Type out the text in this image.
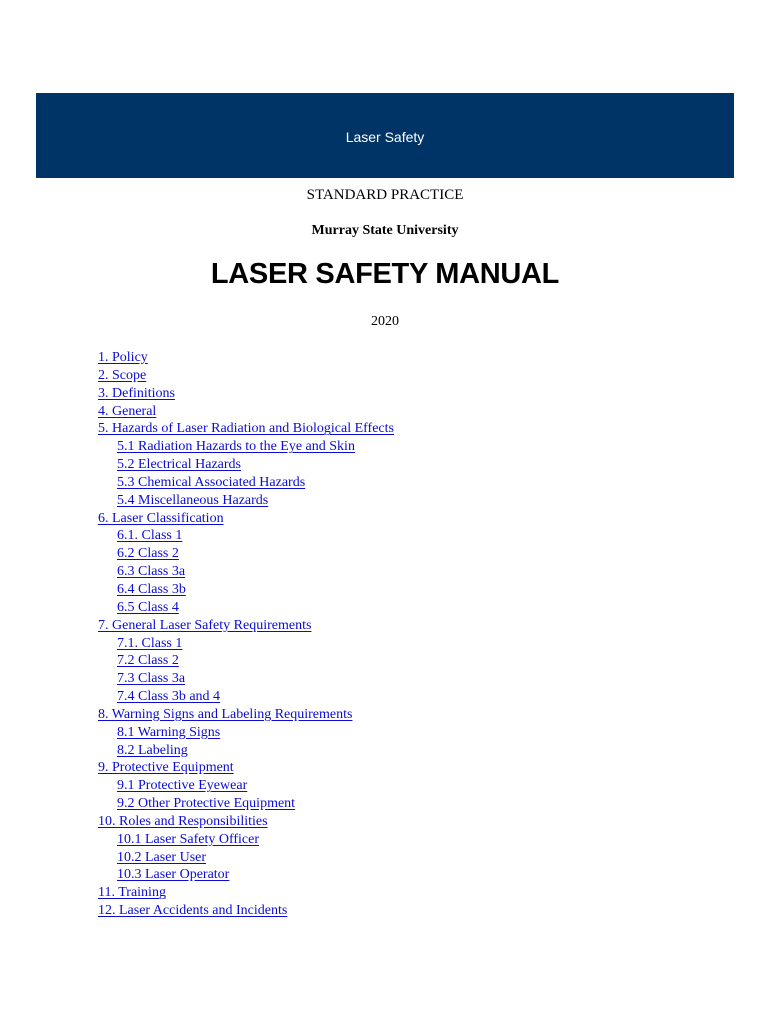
Laser Safety
STANDARD PRACTICE
Murray State University
LASER SAFETY MANUAL
2020
1. Policy
2. Scope
3. Definitions
4. General
5. Hazards of Laser Radiation and Biological Effects
5.1 Radiation Hazards to the Eye and Skin
5.2 Electrical Hazards
5.3 Chemical Associated Hazards
5.4 Miscellaneous Hazards
6. Laser Classification
6.1. Class 1
6.2 Class 2
6.3 Class 3a
6.4 Class 3b
6.5 Class 4
7. General Laser Safety Requirements
7.1. Class 1
7.2 Class 2
7.3 Class 3a
7.4 Class 3b and 4
8. Warning Signs and Labeling Requirements
8.1 Warning Signs
8.2 Labeling
9. Protective Equipment
9.1 Protective Eyewear
9.2 Other Protective Equipment
10. Roles and Responsibilities
10.1 Laser Safety Officer
10.2 Laser User
10.3 Laser Operator
11. Training
12. Laser Accidents and Incidents
